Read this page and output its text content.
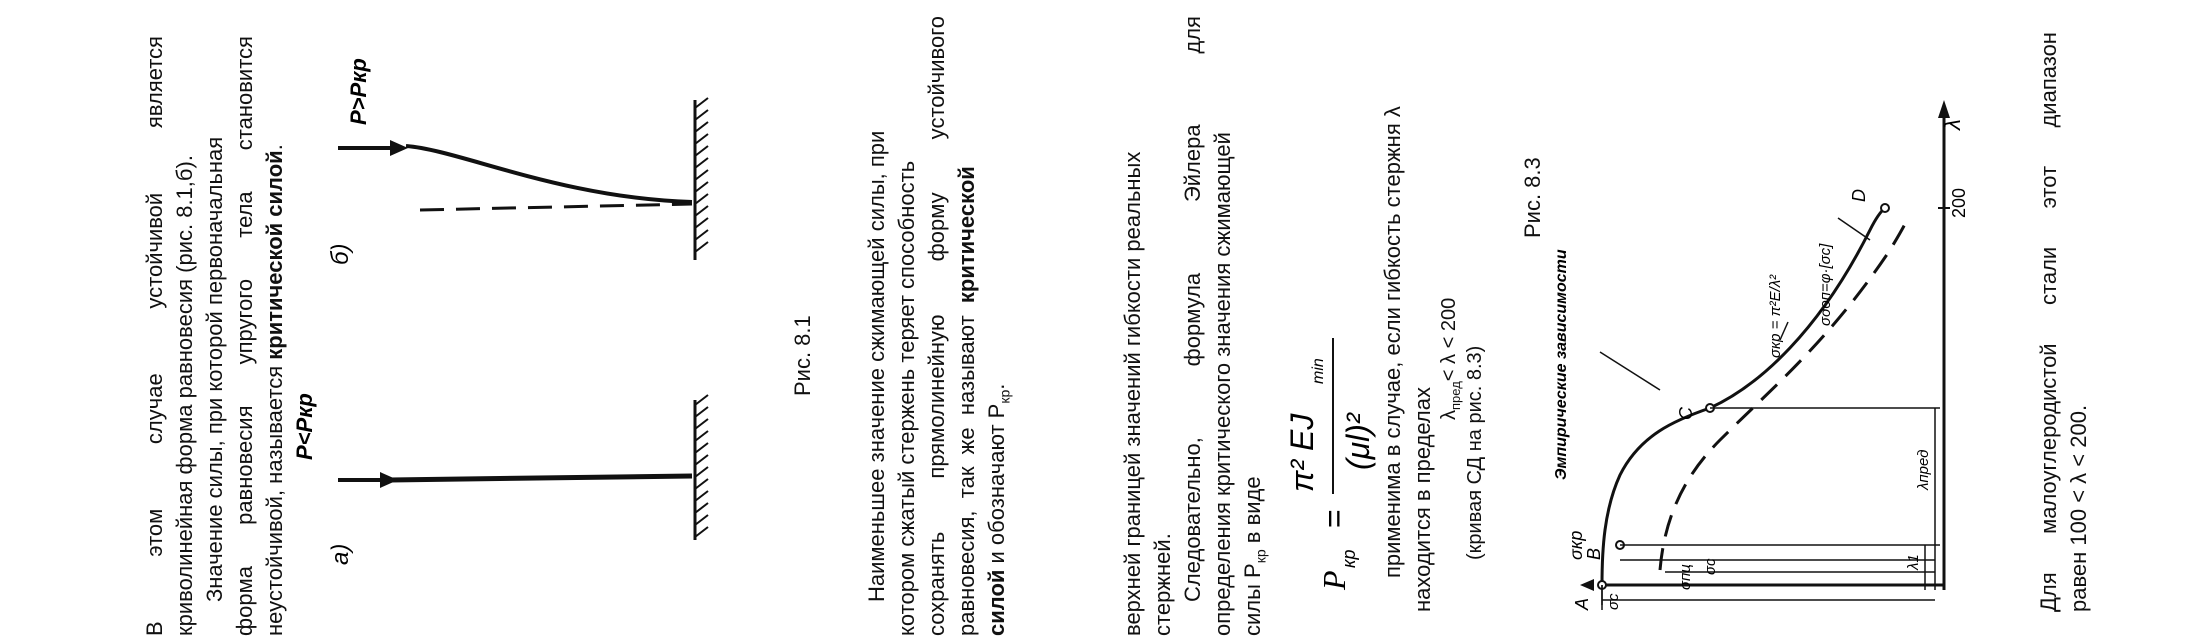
В этом случае устойчивой является

криволинейная форма равновесия (рис. 8.1,б). Значение силы, при которой первоначальная форма равновесия упругого тела становится

неустойчивой, называется критической силой.

а)
б)
P<Pкр
P>Pкр
Рис. 8.1 Наименьшее значение сжимающей силы, при котором сжатый стержень теряет способность сохранять прямолинейную форму устойчивого

равновесия,  так  же  называют  критической

силой и обозначают $P_{кр}$.	верхней границей значений гибкости реальных стержней. Следовательно, формула Эйлера для

определения критического значения сжимающей силы $P_{кр}$ в виде

P
кр
=
π² EJ
min
(μl)² применима в случае, если гибкость стержня λ находится в пределах $\lambda_{пред}< \lambda < 200$
(кривая СД на рис. 8.3)
Рис. 8.3
σкр
λ
200
A
B
C
D
Эмпирические зависимости	σкр = π²E/λ² σдоп=φ·[σc]
σc
σпц σc	λ1
λпред

Для малоуглеродистой стали этот диапазон

равен 100 < λ < 200.
